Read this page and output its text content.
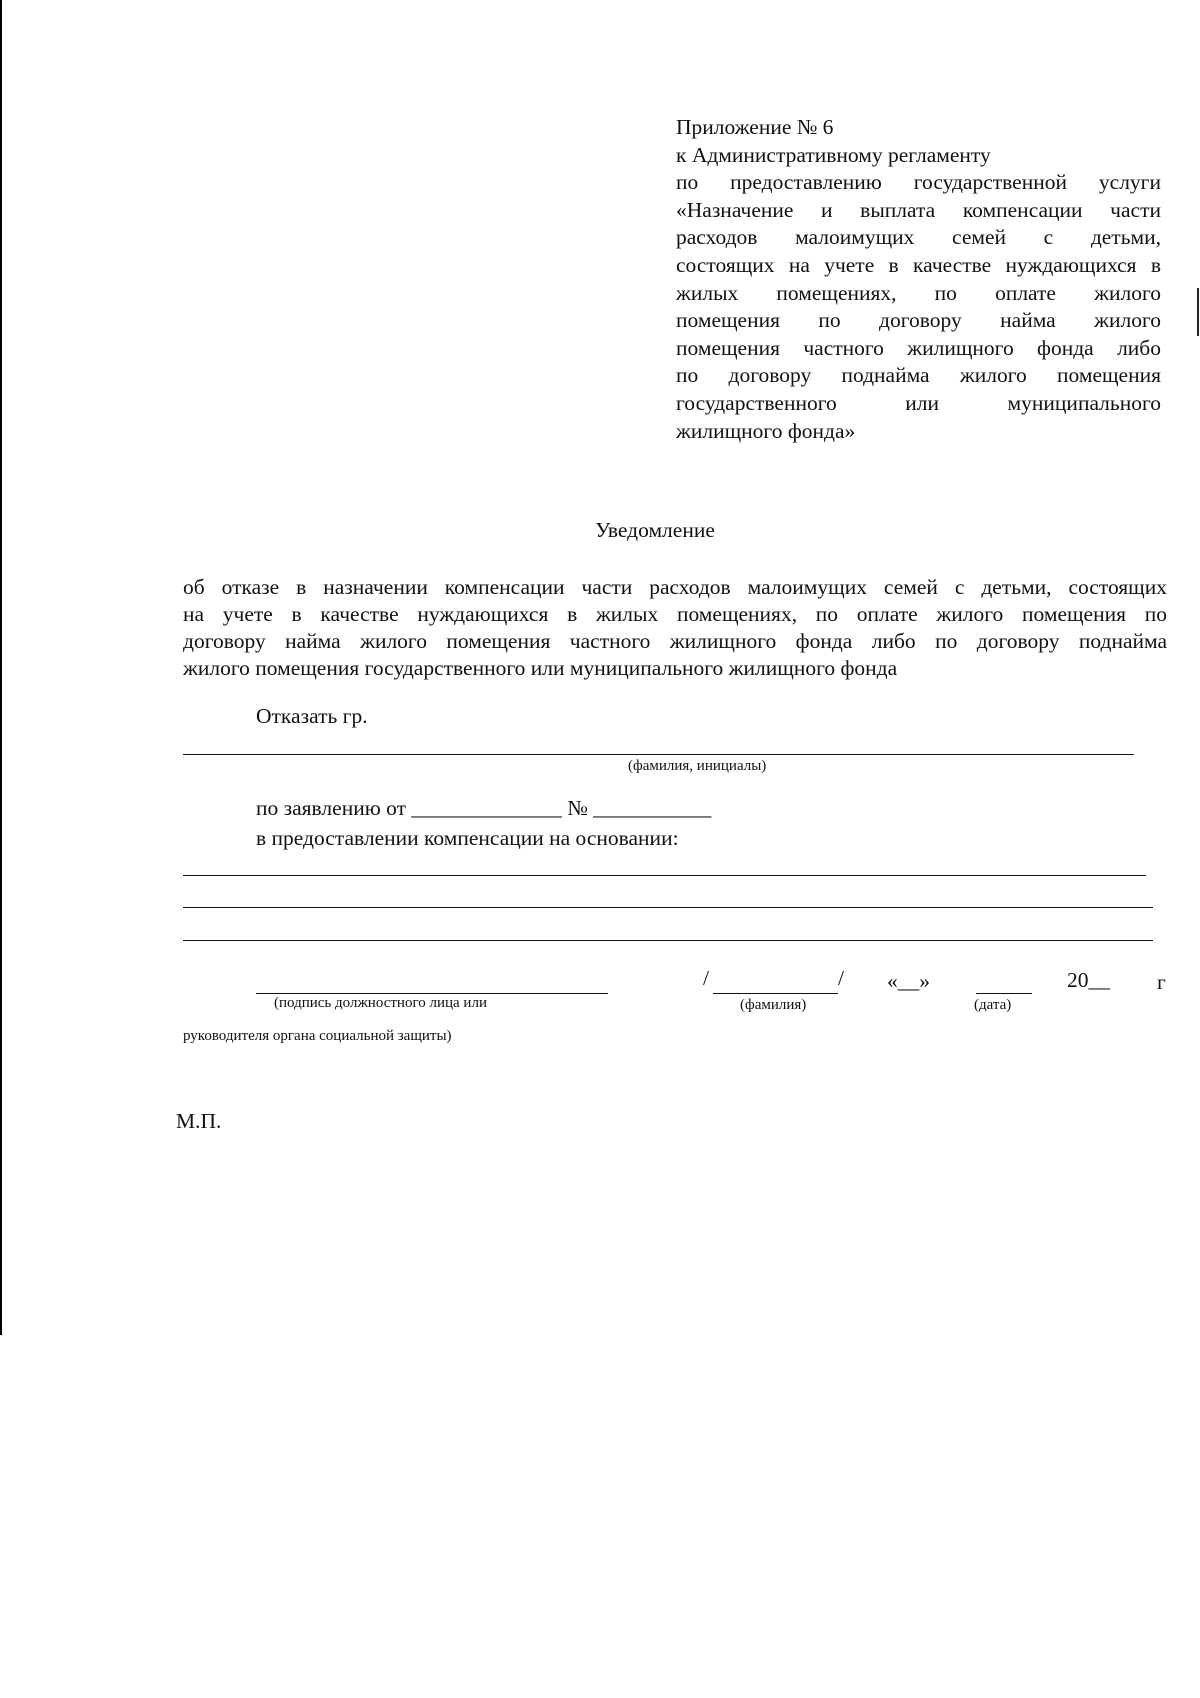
Приложение № 6
к Административному регламенту
по предоставлению государственной услуги
«Назначение и выплата компенсации части
расходов малоимущих семей с детьми,
состоящих на учете в качестве нуждающихся в
жилых помещениях, по оплате жилого
помещения по договору найма жилого
помещения частного жилищного фонда либо
по договору поднайма жилого помещения
государственного или муниципального
жилищного фонда»
Уведомление
об отказе в назначении компенсации части расходов малоимущих семей с детьми, состоящих
на учете в качестве нуждающихся в жилых помещениях, по оплате жилого помещения по
договору найма жилого помещения частного жилищного фонда либо по договору поднайма
жилого помещения государственного или муниципального жилищного фонда
Отказать гр.
(фамилия, инициалы)
по заявлению от ______________ № ___________
в предоставлении компенсации на основании:
/	/ «__»	20__ г
(подпись должностного лица или	(фамилия)	(дата)
руководителя органа социальной защиты)
М.П.
